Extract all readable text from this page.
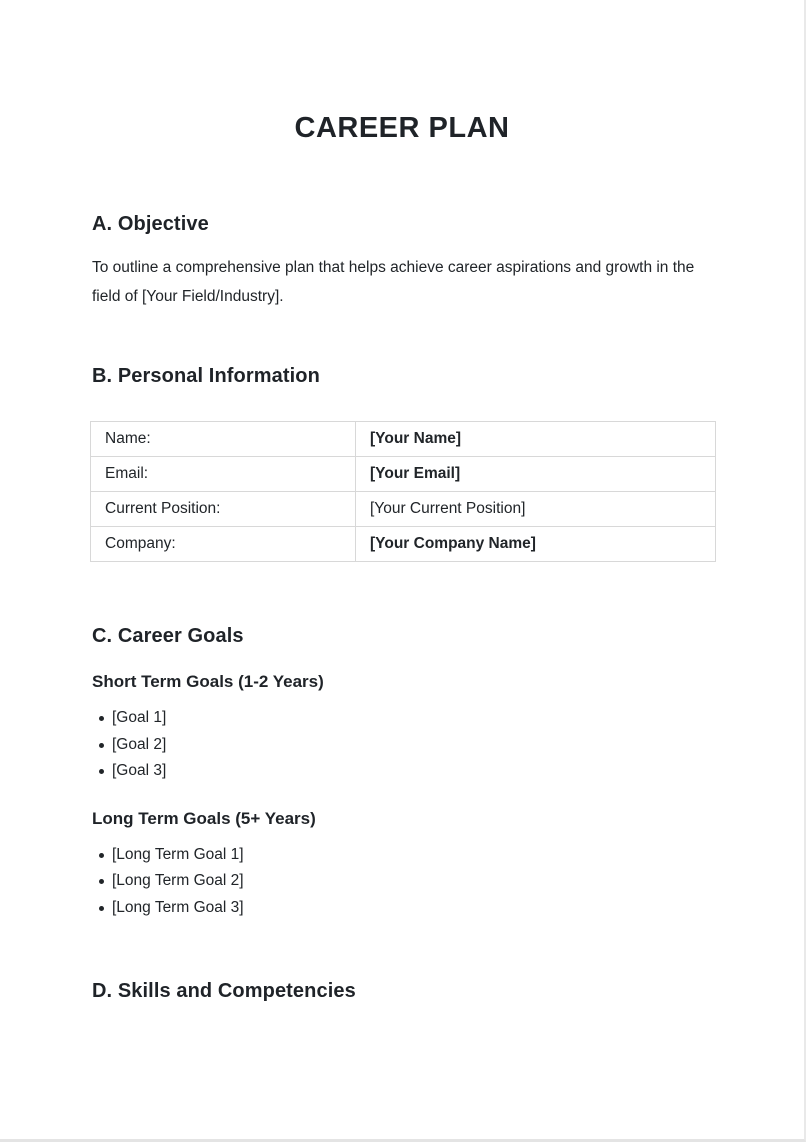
CAREER PLAN
A. Objective

To outline a comprehensive plan that helps achieve career aspirations and growth in the field of [Your Field/Industry].

B. Personal Information
Name:	[Your Name]
Email:	[Your Email]
Current Position:	[Your Current Position]
Company:	[Your Company Name]
C. Career Goals
Short Term Goals (1-2 Years)
[Goal 1]
[Goal 2]
[Goal 3]
Long Term Goals (5+ Years)
[Long Term Goal 1]
[Long Term Goal 2]
[Long Term Goal 3]
D. Skills and Competencies
